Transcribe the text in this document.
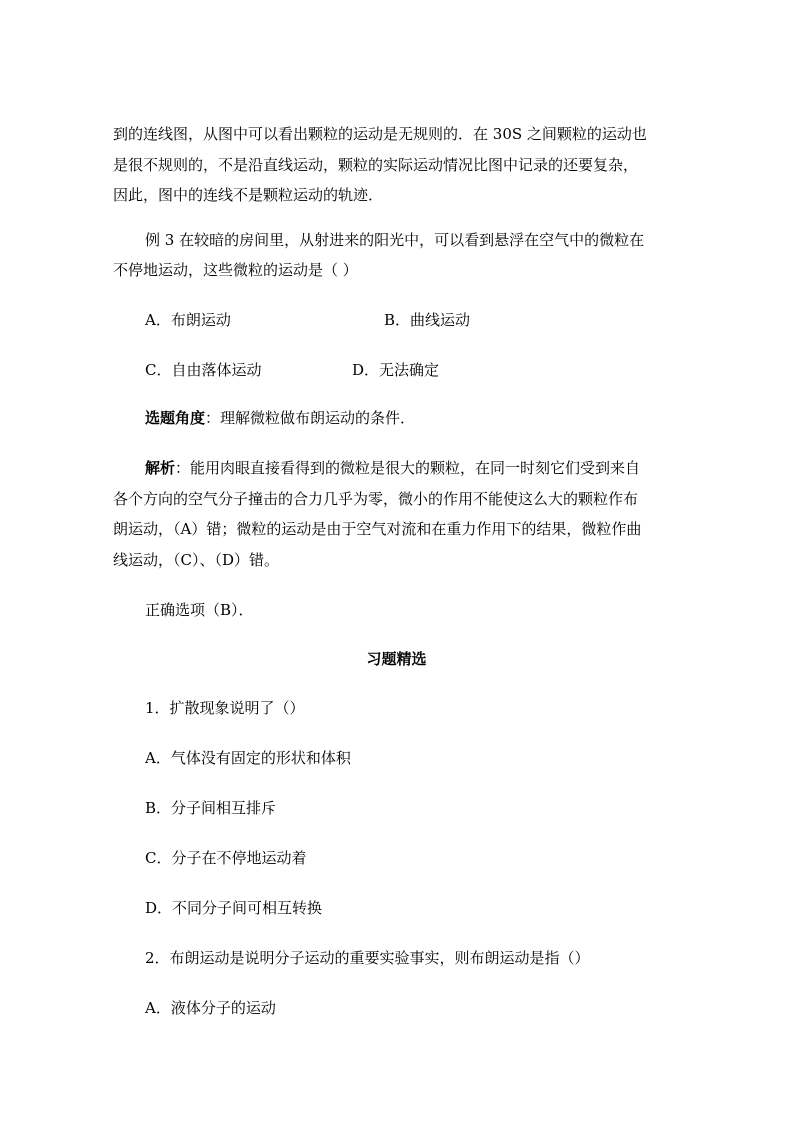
到的连线图，从图中可以看出颗粒的运动是无规则的．在 30S 之间颗粒的运动也
是很不规则的，不是沿直线运动，颗粒的实际运动情况比图中记录的还要复杂，
因此，图中的连线不是颗粒运动的轨迹．
例 3 在较暗的房间里，从射进来的阳光中，可以看到悬浮在空气中的微粒在
不停地运动，这些微粒的运动是（ ）
A．布朗运动	B．曲线运动
C．自由落体运动	D．无法确定
选题角度：理解微粒做布朗运动的条件．
解析：能用肉眼直接看得到的微粒是很大的颗粒，在同一时刻它们受到来自
各个方向的空气分子撞击的合力几乎为零，微小的作用不能使这么大的颗粒作布
朗运动，（A）错；微粒的运动是由于空气对流和在重力作用下的结果，微粒作曲
线运动，（C）、（D）错。
正确选项（B）．
习题精选
1．扩散现象说明了（）
A．气体没有固定的形状和体积
B．分子间相互排斥
C．分子在不停地运动着
D．不同分子间可相互转换
2．布朗运动是说明分子运动的重要实验事实，则布朗运动是指（）
A．液体分子的运动
